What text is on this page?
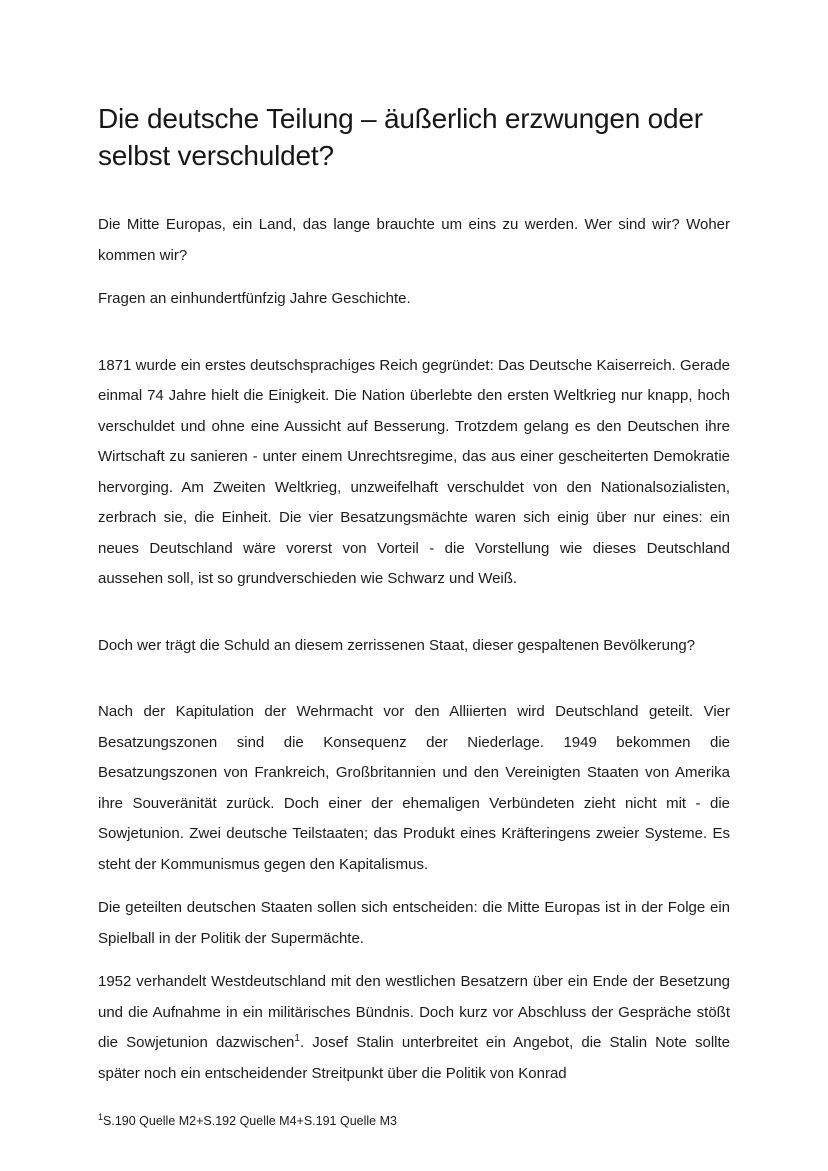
Die deutsche Teilung – äußerlich erzwungen oder selbst verschuldet?

Die Mitte Europas, ein Land, das lange brauchte um eins zu werden. Wer sind wir? Woher kommen wir?

Fragen an einhundertfünfzig Jahre Geschichte.

1871 wurde ein erstes deutschsprachiges Reich gegründet: Das Deutsche Kaiserreich. Gerade einmal 74 Jahre hielt die Einigkeit. Die Nation überlebte den ersten Weltkrieg nur knapp, hoch verschuldet und ohne eine Aussicht auf Besserung. Trotzdem gelang es den Deutschen ihre Wirtschaft zu sanieren - unter einem Unrechtsregime, das aus einer gescheiterten Demokratie hervorging. Am Zweiten Weltkrieg, unzweifelhaft verschuldet von den Nationalsozialisten, zerbrach sie, die Einheit. Die vier Besatzungsmächte waren sich einig über nur eines: ein neues Deutschland wäre vorerst von Vorteil - die Vorstellung wie dieses Deutschland aussehen soll, ist so grundverschieden wie Schwarz und Weiß.

Doch wer trägt die Schuld an diesem zerrissenen Staat, dieser gespaltenen Bevölkerung?

Nach der Kapitulation der Wehrmacht vor den Alliierten wird Deutschland geteilt. Vier Besatzungszonen sind die Konsequenz der Niederlage. 1949 bekommen die Besatzungszonen von Frankreich, Großbritannien und den Vereinigten Staaten von Amerika ihre Souveränität zurück. Doch einer der ehemaligen Verbündeten zieht nicht mit - die Sowjetunion. Zwei deutsche Teilstaaten; das Produkt eines Kräfteringens zweier Systeme. Es steht der Kommunismus gegen den Kapitalismus.

Die geteilten deutschen Staaten sollen sich entscheiden: die Mitte Europas ist in der Folge ein Spielball in der Politik der Supermächte.

1952 verhandelt Westdeutschland mit den westlichen Besatzern über ein Ende der Besetzung und die Aufnahme in ein militärisches Bündnis. Doch kurz vor Abschluss der Gespräche stößt die Sowjetunion dazwischen$^1$. Josef Stalin unterbreitet ein Angebot, die Stalin Note sollte später noch ein entscheidender Streitpunkt über die Politik von Konrad

$^1$S.190 Quelle M2+S.192 Quelle M4+S.191 Quelle M3
